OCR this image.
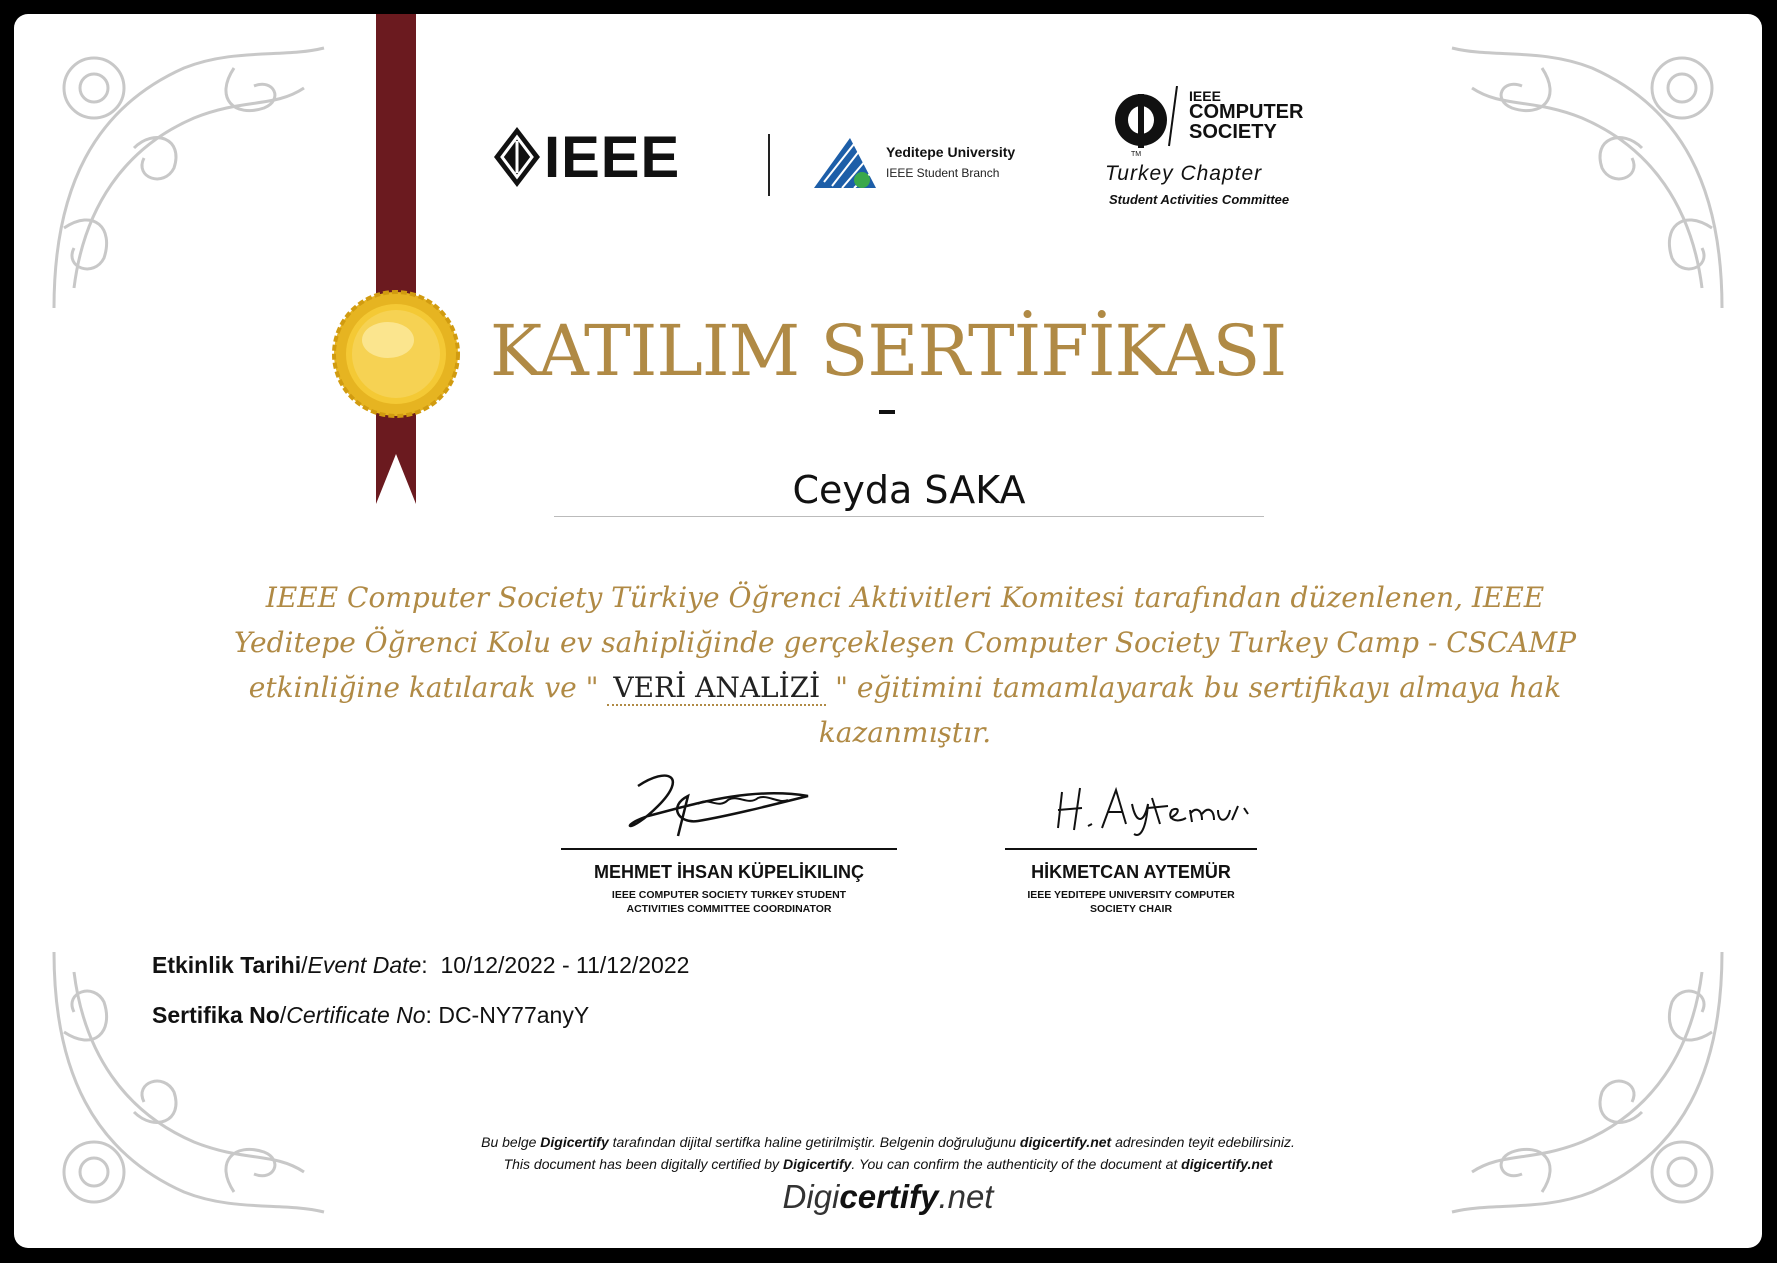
IEEE	Yeditepe University
IEEE Student Branch
TM
IEEE
COMPUTER
SOCIETY
Turkey Chapter
Student Activities Committee
KATILIM SERTİFİKASI
Ceyda SAKA
IEEE Computer Society Türkiye Öğrenci Aktivitleri Komitesi tarafından düzenlenen, IEEE
Yeditepe Öğrenci Kolu ev sahipliğinde gerçekleşen Computer Society Turkey Camp - CSCAMP
etkinliğine katılarak ve " VERİ ANALİZİ " eğitimini tamamlayarak bu sertifikayı almaya hak
kazanmıştır.
MEHMET İHSAN KÜPELİKILINÇ
IEEE COMPUTER SOCIETY TURKEY STUDENT
ACTIVITIES COMMITTEE COORDINATOR
HİKMETCAN AYTEMÜR
IEEE YEDITEPE UNIVERSITY COMPUTER
SOCIETY CHAIR
Etkinlik Tarihi/Event Date:  10/12/2022 - 11/12/2022
Sertifika No/Certificate No: DC-NY77anyY
Bu belge Digicertify tarafından dijital sertifka haline getirilmiştir. Belgenin doğruluğunu digicertify.net adresinden teyit edebilirsiniz.
This document has been digitally certified by Digicertify. You can confirm the authenticity of the document at digicertify.net
Digicertify.net
